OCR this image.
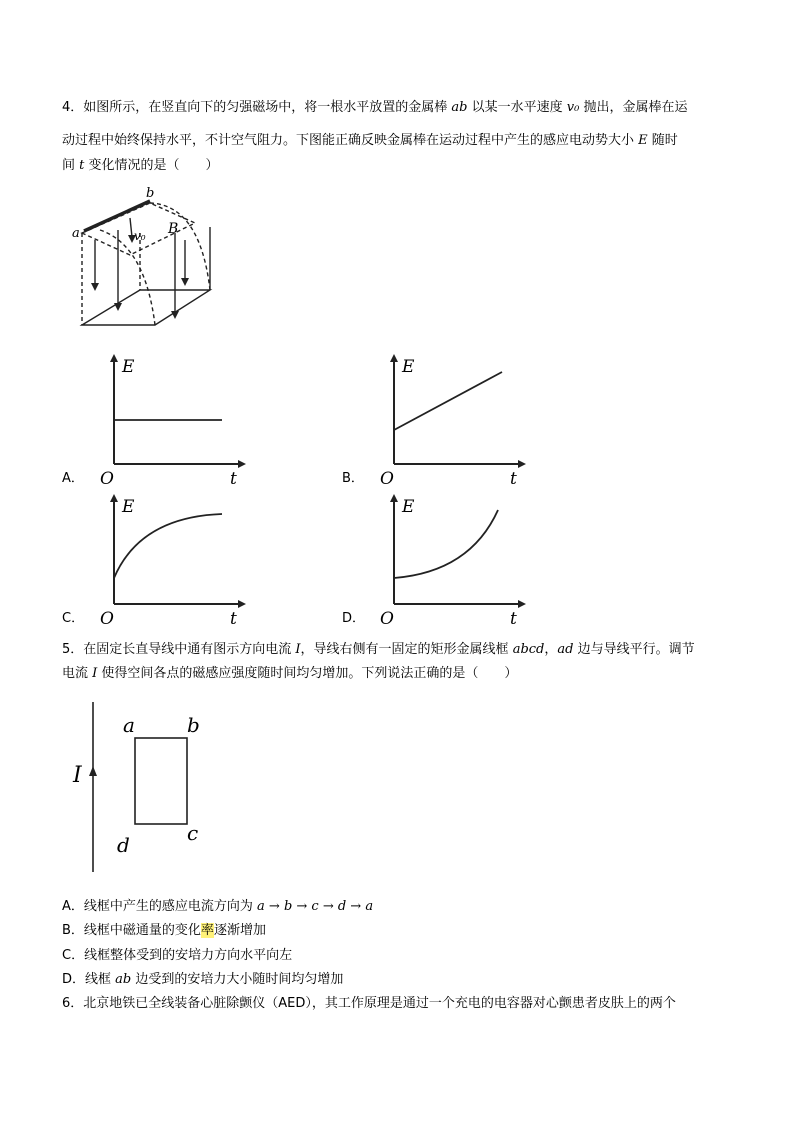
4．如图所示，在竖直向下的匀强磁场中，将一根水平放置的金属棒 ab 以某一水平速度 v₀ 抛出，金属棒在运
动过程中始终保持水平，不计空气阻力。下图能正确反映金属棒在运动过程中产生的感应电动势大小 E 随时
间 t 变化情况的是（　　）
a
b
v₀ B
A．
E
t
O	B．
E
t
O
C．
E
t
O	D．
E
t
O
5．在固定长直导线中通有图示方向电流 I，导线右侧有一固定的矩形金属线框 abcd，ad 边与导线平行。调节
电流 I 使得空间各点的磁感应强度随时间均匀增加。下列说法正确的是（　　）
I
a	b
c
d
A．线框中产生的感应电流方向为 a → b → c → d → a
B．线框中磁通量的变化率逐渐增加
C．线框整体受到的安培力方向水平向左
D．线框 ab 边受到的安培力大小随时间均匀增加
6．北京地铁已全线装备心脏除颤仪（AED），其工作原理是通过一个充电的电容器对心颤患者皮肤上的两个
